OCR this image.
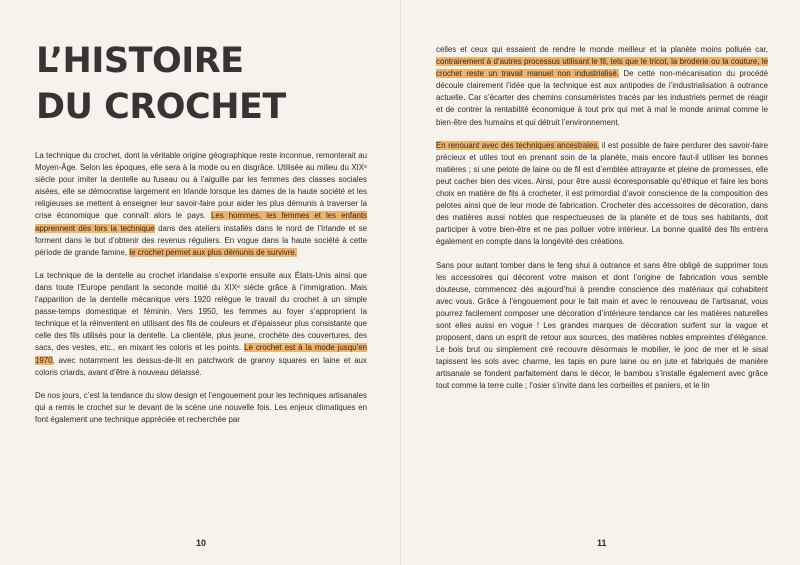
L’HISTOIRE
DU CROCHET

La technique du crochet, dont la véritable origine géographique reste inconnue, remonterait au Moyen-Âge. Selon les époques, elle sera à la mode ou en disgrâce. Utilisée au milieu du XIXᵉ siècle pour imiter la dentelle au fuseau ou à l’aiguille par les femmes des classes sociales aisées, elle se démocratise largement en Irlande lorsque les dames de la haute société et les religieuses se mettent à enseigner leur savoir-faire pour aider les plus démunis à traverser la crise économique que connaît alors le pays. Les hommes, les femmes et les enfants apprennent dès lors la technique dans des ateliers installés dans le nord de l’Irlande et se forment dans le but d’obtenir des revenus réguliers. En vogue dans la haute société à cette période de grande famine, le crochet permet aux plus démunis de survivre.

La technique de la dentelle au crochet irlandaise s’exporte ensuite aux États-Unis ainsi que dans toute l’Europe pendant la seconde moitié du XIXᵉ siècle grâce à l’immigration. Mais l’apparition de la dentelle mécanique vers 1920 relègue le travail du crochet à un simple passe-temps domestique et féminin. Vers 1950, les femmes au foyer s’approprient la technique et la réinventent en utilisant des fils de couleurs et d’épaisseur plus consistante que celle des fils utilisés pour la dentelle. La clientèle, plus jeune, crochète des couvertures, des sacs, des vestes, etc., en mixant les coloris et les points. Le crochet est à la mode jusqu’en 1970, avec notamment les dessus-de-lit en patchwork de granny squares en laine et aux coloris criards, avant d’être à nouveau délaissé.

De nos jours, c’est la tendance du slow design et l’engouement pour les techniques artisanales qui a remis le crochet sur le devant de la scène une nouvelle fois. Les enjeux climatiques en font également une technique appréciée et recherchée par

10

celles et ceux qui essaient de rendre le monde meilleur et la planète moins polluée car, contrairement à d’autres processus utilisant le fil, tels que le tricot, la broderie ou la couture, le crochet reste un travail manuel non industrialisé. De cette non-mécanisation du procédé découle clairement l’idée que la technique est aux antipodes de l’industrialisation à outrance actuelle. Car s’écarter des chemins consuméristes tracés par les industriels permet de réagir et de contrer la rentabilité économique à tout prix qui met à mal le monde animal comme le bien-être des humains et qui détruit l’environnement.

En renouant avec des techniques ancestrales, il est possible de faire perdurer des savoir-faire précieux et utiles tout en prenant soin de la planète, mais encore faut-il utiliser les bonnes matières ; si une pelote de laine ou de fil est d’emblée attrayante et pleine de promesses, elle peut cacher bien des vices. Ainsi, pour être aussi écoresponsable qu’éthique et faire les bons choix en matière de fils à crocheter, il est primordial d’avoir conscience de la composition des pelotes ainsi que de leur mode de fabrication. Crocheter des accessoires de décoration, dans des matières aussi nobles que respectueuses de la planète et de tous ses habitants, doit participer à votre bien-être et ne pas polluer votre intérieur. La bonne qualité des fils entrera également en compte dans la longévité des créations.

Sans pour autant tomber dans le feng shui à outrance et sans être obligé de supprimer tous les accessoires qui décorent votre maison et dont l’origine de fabrication vous semble douteuse, commencez dès aujourd’hui à prendre conscience des matériaux qui cohabitent avec vous. Grâce à l’engouement pour le fait main et avec le renouveau de l’artisanat, vous pourrez facilement composer une décoration d’intérieure tendance car les matières naturelles sont elles aussi en vogue ! Les grandes marques de décoration surfent sur la vague et proposent, dans un esprit de retour aux sources, des matières nobles empreintes d’élégance. Le bois brut ou simplement ciré recouvre désormais le mobilier, le jonc de mer et le sisal tapissent les sols avec charme, les tapis en pure laine ou en jute et fabriqués de manière artisanale se fondent parfaitement dans le décor, le bambou s’installe également avec grâce tout comme la terre cuite ; l’osier s’invite dans les corbeilles et paniers, et le lin

11
